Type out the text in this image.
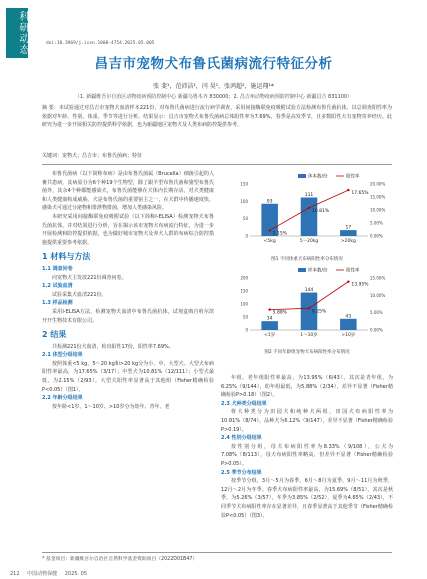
科研动态	doi:10.3969/j.issn.1008-4754.2025.05.005
昌吉市宠物犬布鲁氏菌病流行特征分析
张 斐¹，范沛洁¹，闫 昊¹，张鸿超²，施运翔¹*
（1. 新疆维吾尔自治区动物疫病预防控制中心 新疆乌鲁木齐 830000；2. 昌吉州动物疫病预防控制中心 新疆昌吉 831100）
摘 要：本试验通过对昌吉市宠物犬血清样本221份，对布鲁氏菌病进行流行病学调查，采用间接酶联免疫吸附试验方法检测布鲁氏菌抗体，以总调查阳性率为依据对年龄、性别、体重、季节等进行分析。结果显示：昌吉市宠物犬布鲁氏菌病总体阳性率为7.69%，春季是高发季节，且多数阳性犬有宠物寄养经历。此研究为进一步开展相关防控提供科学依据，也为新疆地区宠物犬及人类布病防控提供参考。
关键词：宠物犬；昌吉市；布鲁氏菌病；特征

布鲁氏菌病（以下简称布病）是由布鲁氏菌属（Brucella）细菌引起的人畜共患病，其病原分为6个种19个生物型，除了跟羊型布鲁氏菌和猪型布鲁氏菌外，其余4个种都能感染犬，布鲁氏菌能够在犬体内长期存活，对犬类健康和人类健康构成威胁。犬是布鲁氏菌的重要宿主之一，在犬群中传播速度快，感染犬可通过分泌物和排泄物排菌，增加人类感染风险。

本研究采用间接酶联免疫吸附试验（以下简称I-ELISA）检测宠物犬布鲁氏菌抗体，并对结果进行分析，旨在揭示该市宠物犬布病流行特征，为进一步开展检测和防控提供依据，也为做好城市宠物犬及养犬人群的布病综合防控措施提供重要参考依据。

1 材料与方法
1.1 调查问卷

向宠物犬主发放221份调查问卷。

1.2 试验血清

试验采集犬血清221份。

1.3 样品检测

采用I-ELISA方法，检测宠物犬血清中布鲁氏菌抗体，试剂盒购自哈尔滨开开生物技术有限公司。

2 结果

共检测221份犬血清，检出阳性17份，阳性率7.69%。

2.1 体型分组结果

按照体重<5 kg、5～20 kg和>20 kg分为小、中、大型犬。大型犬布病阳性率最高，为17.65%（3/17）；中型犬为10.81%（12/111）；小型犬最低，为2.15%（2/93）。大型犬阳性率显著高于其他组（Fisher精确检验P<0.05）（图1）。

2.2 年龄分组结果

按年龄<1岁、1～10岁、>10岁分为幼年、青年、老

0
50
100
150
0.00%
5.00%
10.00%
15.00%
20.00%
93
<5kg
111
5～20kg
17
>20kg
2.15%
10.81%
17.65%
体本数/份	阳性率
图1 不同体重犬布病阳性率分布情况
0
50
100
150
200
0.00%
5.00%
10.00%
15.00%
34
<1岁
144
1～10岁
43
>10岁
5.88%	6.25%
13.95%
样本数/份	阳性率
图2 不同年龄组宠物犬布病阳性率分布情况

年组。老年组阳性率最高，为13.95%（6/43），其次是青年组，为6.25%（9/144），幼年组最低，为5.88%（2/34），差异不显著（Fisher精确检验P>0.18）（图2）。

2.3 犬种类分组结果

将犬种类分为田园犬和纯种犬两组，田园犬布病阳性率为10.81%（8/74），品种犬为6.12%（9/147），差异不显著（Fisher精确检验P>0.19）。

2.4 性别分组结果

按性别分组，母犬布病阳性率为8.33%（9/108），公犬为7.08%（8/113），母犬布病阳性率略高，但差异不显著（Fisher精确检验P>0.05）。

2.5 季节分布结果

按季节分组，3月～5月为春季，6月～8月为夏季，9月～11月为秋季，12月～2月为冬季。春季犬布病阳性率最高，为15.69%（8/51），其次是秋季，为5.26%（3/57），冬季为3.85%（2/52），夏季为4.65%（2/43），不同季节犬布病阳性率存在显著差异，且春季显著高于其他季节（Fisher精确检验P<0.05）（图3）。

* 基金项目：新疆维吾尔自治区自然科学基金资助项目（2022D01B47）
212 中国动物保健 2025. 05
